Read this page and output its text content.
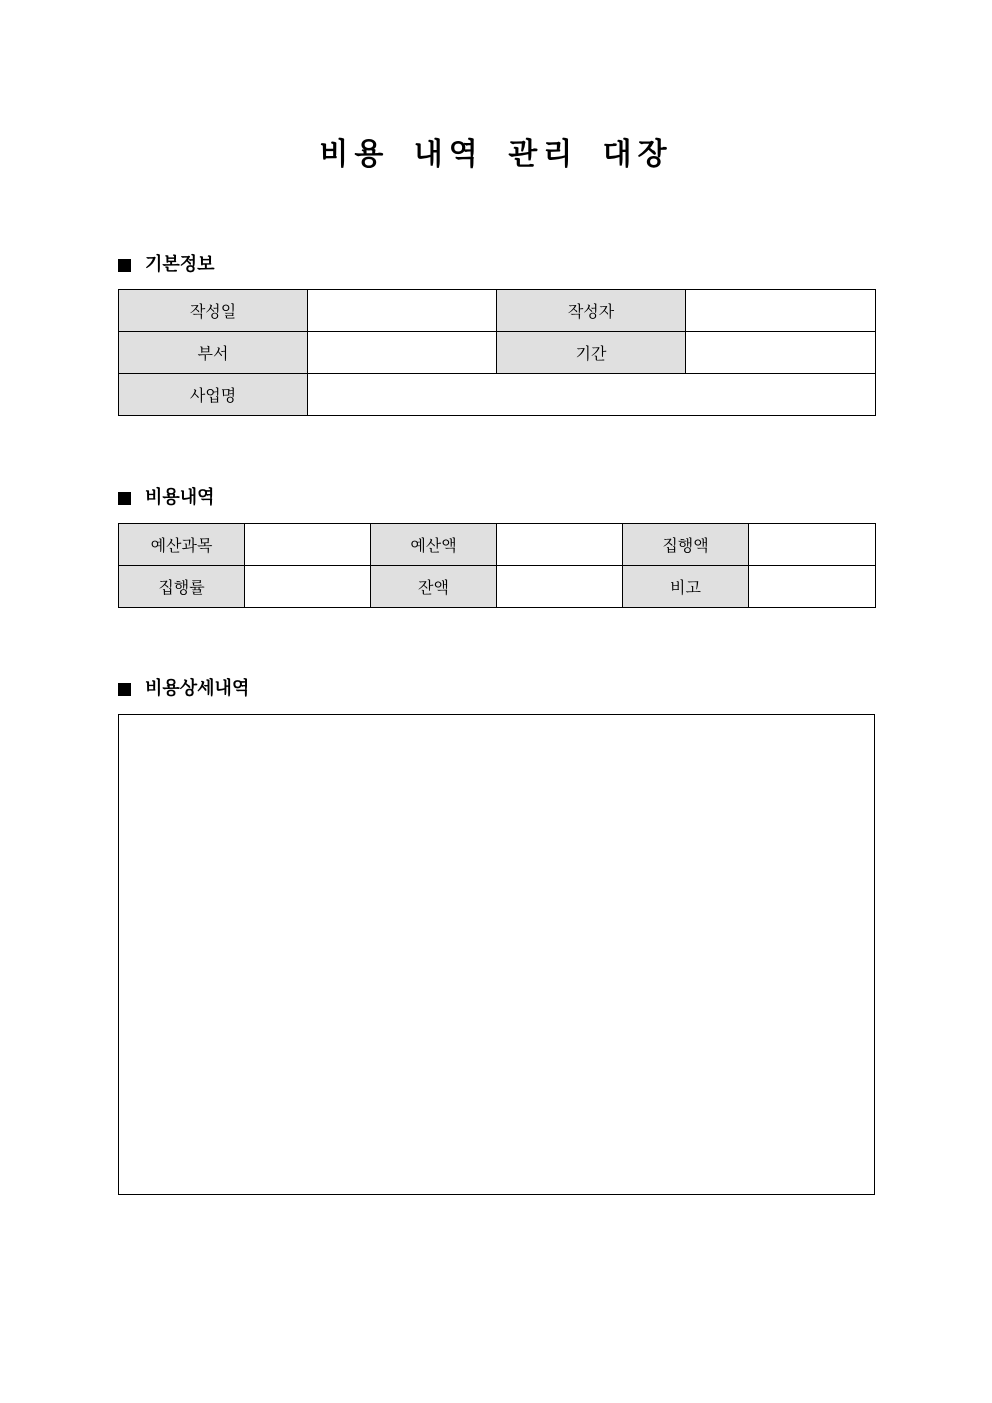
비용 내역 관리 대장
기본정보
작성일		작성자	
부서		기간	
사업명			
비용내역
예산과목		예산액		집행액	
집행률		잔액		비고	
비용상세내역
